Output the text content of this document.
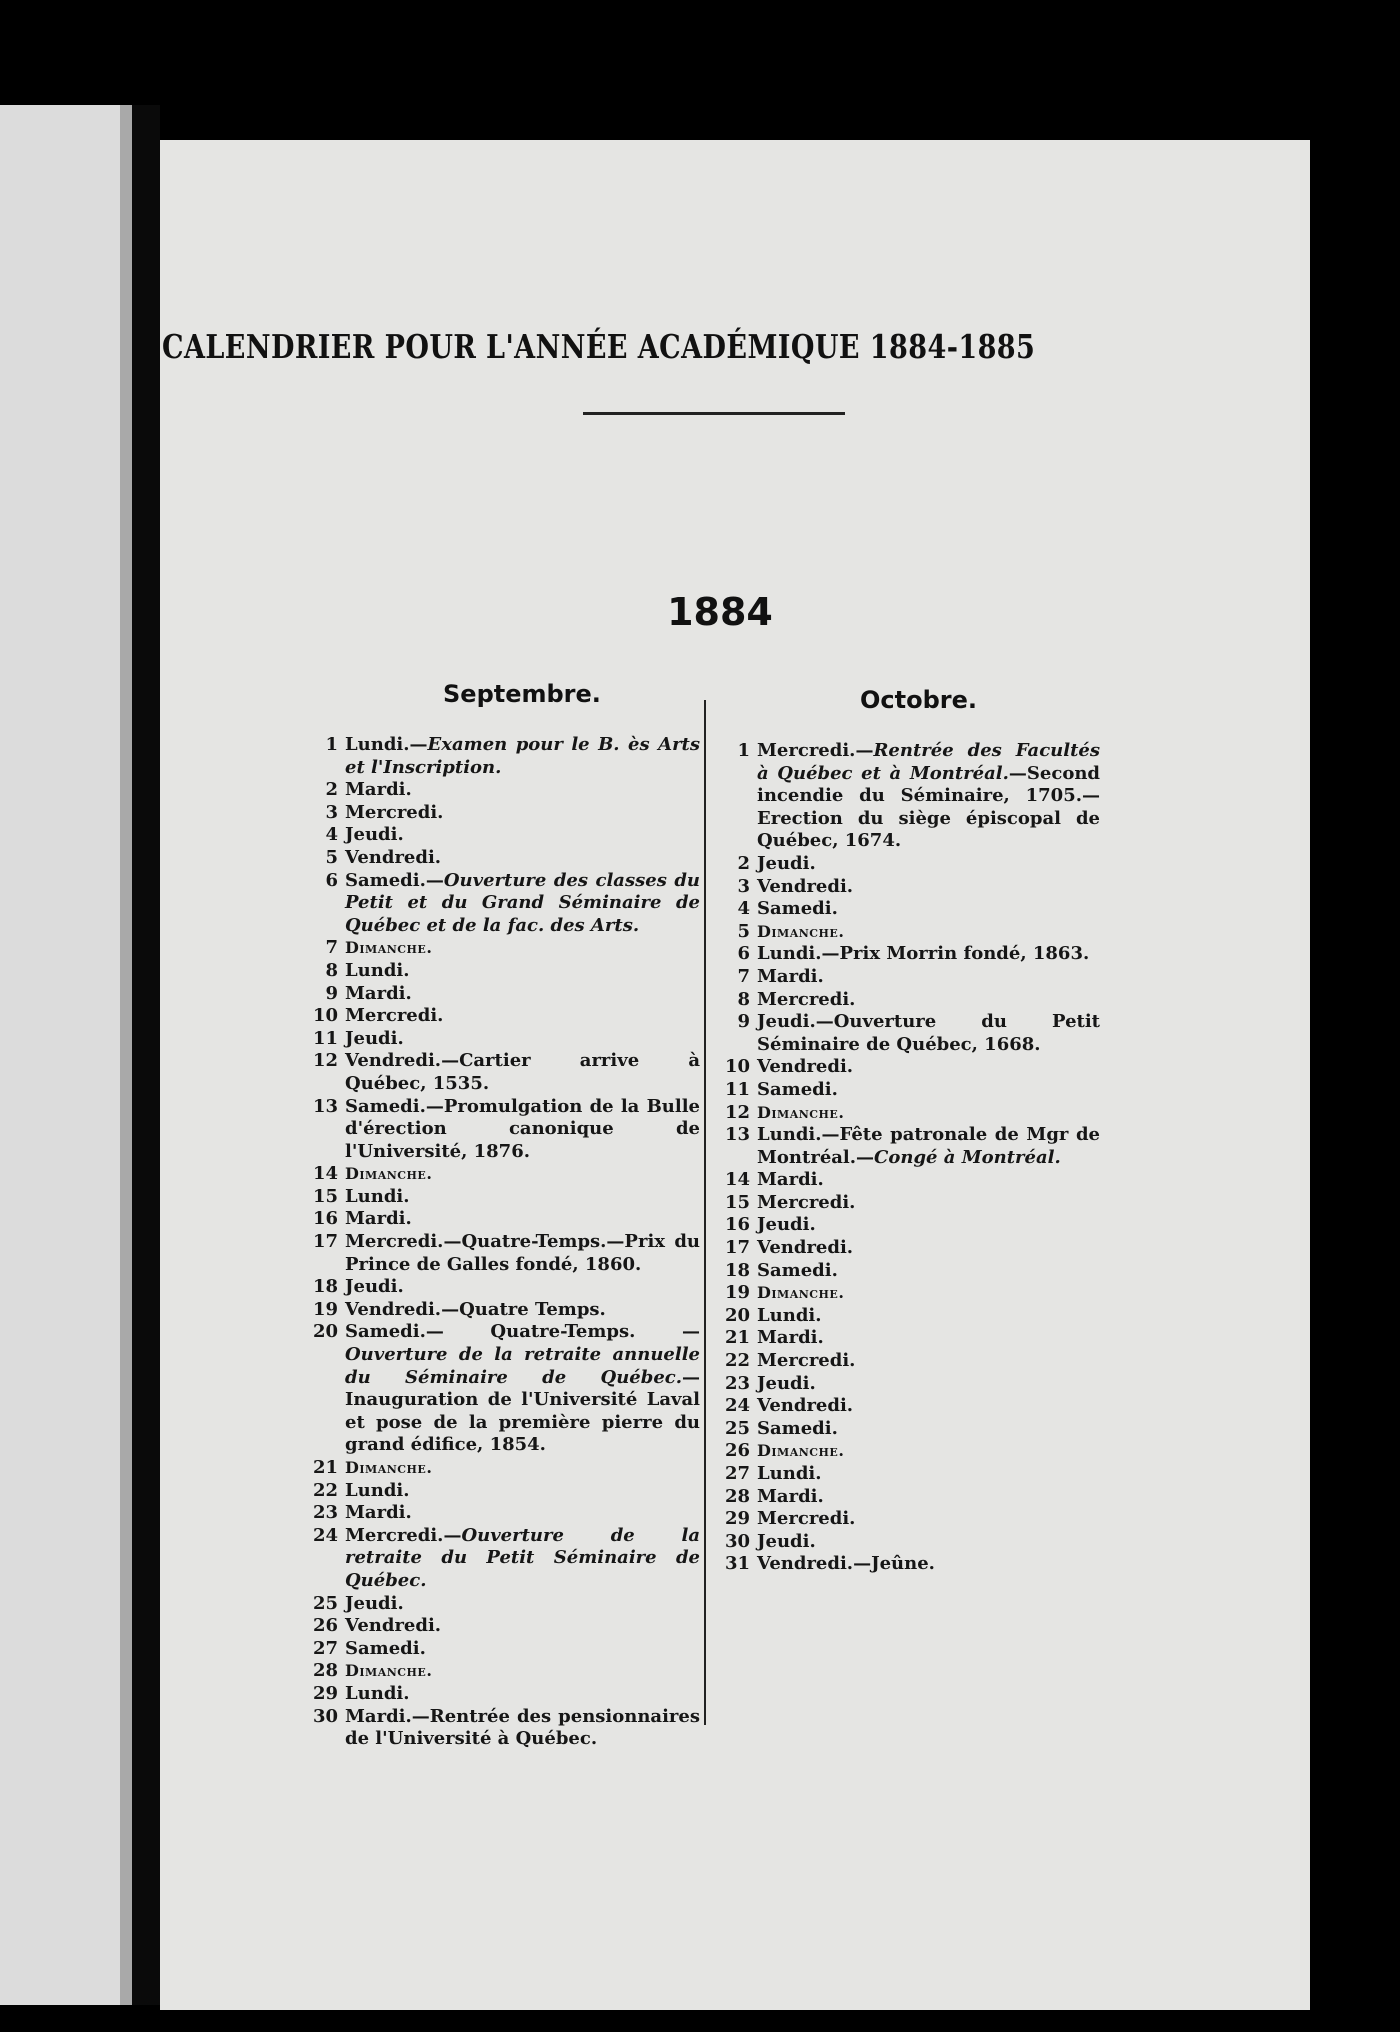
CALENDRIER POUR L'ANNÉE ACADÉMIQUE 1884-1885
1884
Septembre.	Octobre.
1 Lundi.—Examen pour le B. ès Arts et l'Inscription.
2 Mardi.
3 Mercredi.
4 Jeudi.
5 Vendredi.
6 Samedi.—Ouverture des classes du Petit et du Grand Séminaire de Québec et de la fac. des Arts.
7 Dimanche.
8 Lundi.
9 Mardi.
10 Mercredi.
11 Jeudi.
12 Vendredi.—Cartier arrive à Québec, 1535.
13 Samedi.—Promulgation de la Bulle d'érection canonique de l'Université, 1876.
14 Dimanche.
15 Lundi.
16 Mardi.
17 Mercredi.—Quatre-Temps.—Prix du Prince de Galles fondé, 1860.
18 Jeudi.
19 Vendredi.—Quatre Temps.
20 Samedi.— Quatre-Temps. — Ouverture de la retraite annuelle du Séminaire de Québec.—Inauguration de l'Université Laval et pose de la première pierre du grand édifice, 1854.
21 Dimanche.
22 Lundi.
23 Mardi.
24 Mercredi.—Ouverture de la retraite du Petit Séminaire de Québec.
25 Jeudi.
26 Vendredi.
27 Samedi.
28 Dimanche.
29 Lundi.
30 Mardi.—Rentrée des pensionnaires de l'Université à Québec.
1 Mercredi.—Rentrée des Facultés à Québec et à Montréal.—Second incendie du Séminaire, 1705.—Erection du siège épiscopal de Québec, 1674.
2 Jeudi.
3 Vendredi.
4 Samedi.
5 Dimanche.
6 Lundi.—Prix Morrin fondé, 1863.
7 Mardi.
8 Mercredi.
9 Jeudi.—Ouverture du Petit Séminaire de Québec, 1668.
10 Vendredi.
11 Samedi.
12 Dimanche.
13 Lundi.—Fête patronale de Mgr de Montréal.—Congé à Montréal.
14 Mardi.
15 Mercredi.
16 Jeudi.
17 Vendredi.
18 Samedi.
19 Dimanche.
20 Lundi.
21 Mardi.
22 Mercredi.
23 Jeudi.
24 Vendredi.
25 Samedi.
26 Dimanche.
27 Lundi.
28 Mardi.
29 Mercredi.
30 Jeudi.
31 Vendredi.—Jeûne.
